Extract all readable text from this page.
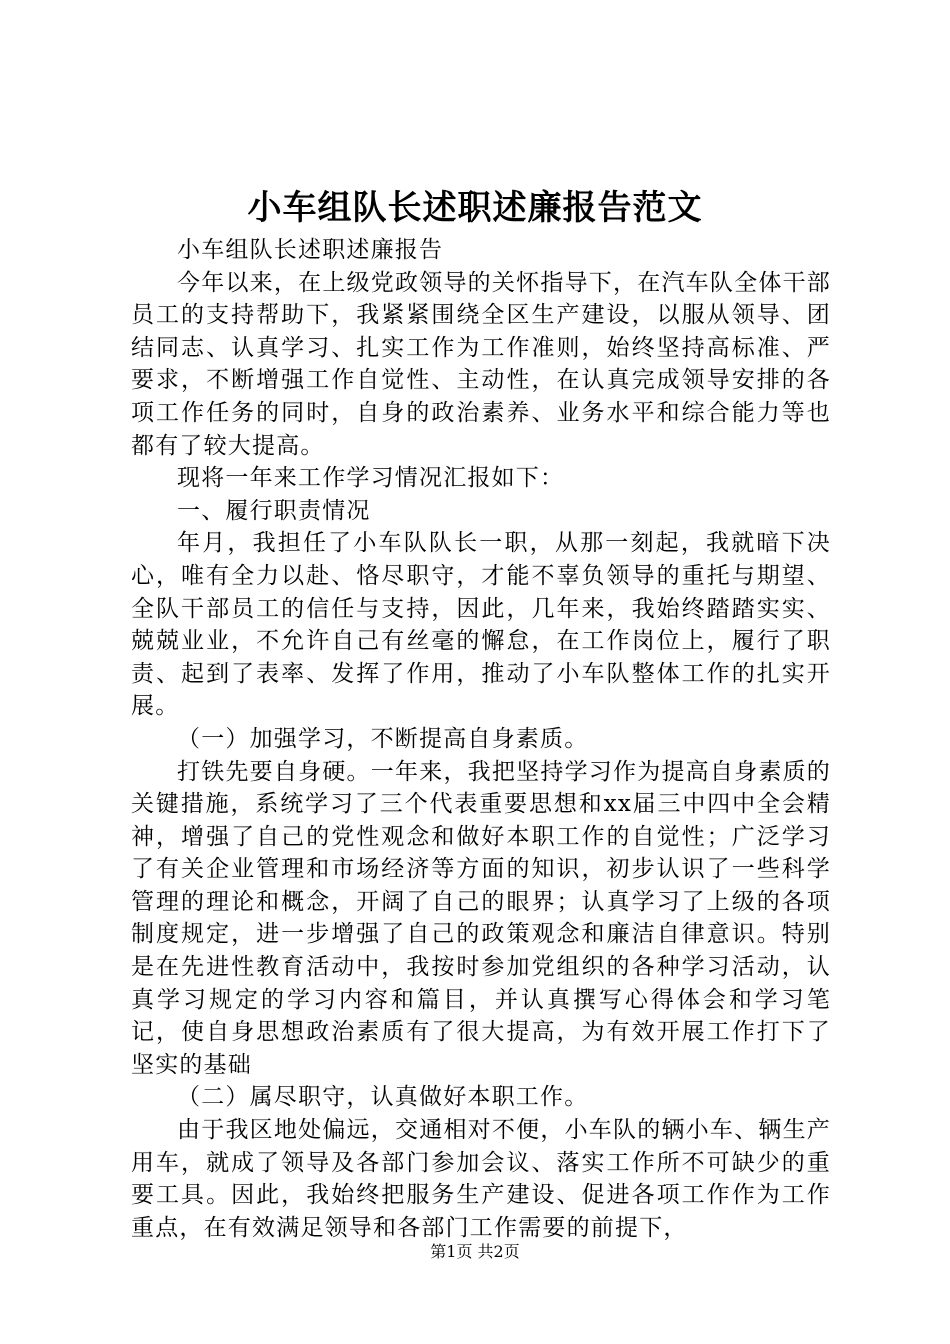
小车组队长述职述廉报告范文

小车组队长述职述廉报告

今年以来，在上级党政领导的关怀指导下，在汽车队全体干部员工的支持帮助下，我紧紧围绕全区生产建设，以服从领导、团结同志、认真学习、扎实工作为工作准则，始终坚持高标准、严要求，不断增强工作自觉性、主动性，在认真完成领导安排的各项工作任务的同时，自身的政治素养、业务水平和综合能力等也都有了较大提高。

现将一年来工作学习情况汇报如下：

一、履行职责情况

年月，我担任了小车队队长一职，从那一刻起，我就暗下决心，唯有全力以赴、恪尽职守，才能不辜负领导的重托与期望、全队干部员工的信任与支持，因此，几年来，我始终踏踏实实、兢兢业业，不允许自己有丝毫的懈怠，在工作岗位上，履行了职责、起到了表率、发挥了作用，推动了小车队整体工作的扎实开展。

（一）加强学习，不断提高自身素质。

打铁先要自身硬。一年来，我把坚持学习作为提高自身素质的关键措施，系统学习了三个代表重要思想和xx届三中四中全会精神，增强了自己的党性观念和做好本职工作的自觉性；广泛学习了有关企业管理和市场经济等方面的知识，初步认识了一些科学管理的理论和概念，开阔了自己的眼界；认真学习了上级的各项制度规定，进一步增强了自己的政策观念和廉洁自律意识。特别是在先进性教育活动中，我按时参加党组织的各种学习活动，认真学习规定的学习内容和篇目，并认真撰写心得体会和学习笔记，使自身思想政治素质有了很大提高，为有效开展工作打下了坚实的基础

（二）属尽职守，认真做好本职工作。

由于我区地处偏远，交通相对不便，小车队的辆小车、辆生产用车，就成了领导及各部门参加会议、落实工作所不可缺少的重要工具。因此，我始终把服务生产建设、促进各项工作作为工作重点，在有效满足领导和各部门工作需要的前提下，

第1页 共2页
